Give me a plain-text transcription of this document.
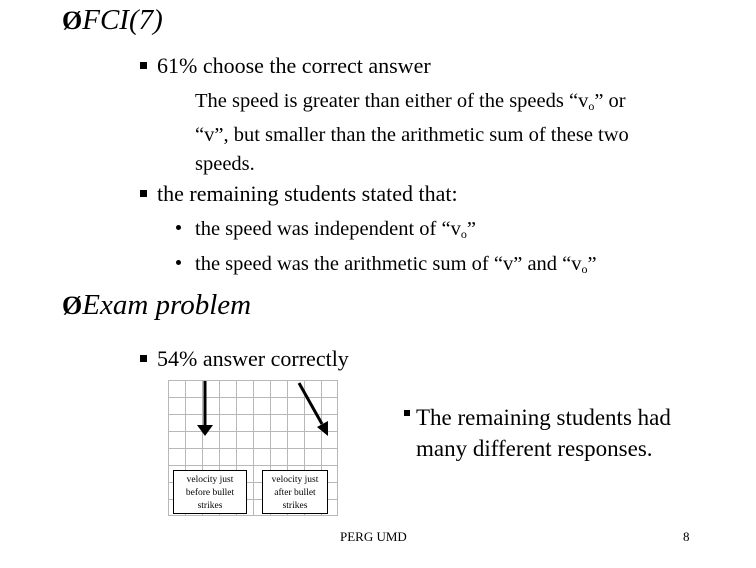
ØFCI(7)
61% choose the correct answer
The speed is greater than either of the speeds “$v_o$” or
“v”, but smaller than the arithmetic sum of these two
speeds.
the remaining students stated that:
the speed was independent of “$v_o$”
the speed was the arithmetic sum of “v” and “$v_o$”
ØExam problem
54% answer correctly
velocity just
before bullet
strikes
velocity just
after bullet
strikes
The remaining students had
many different responses.
PERG UMD	8
